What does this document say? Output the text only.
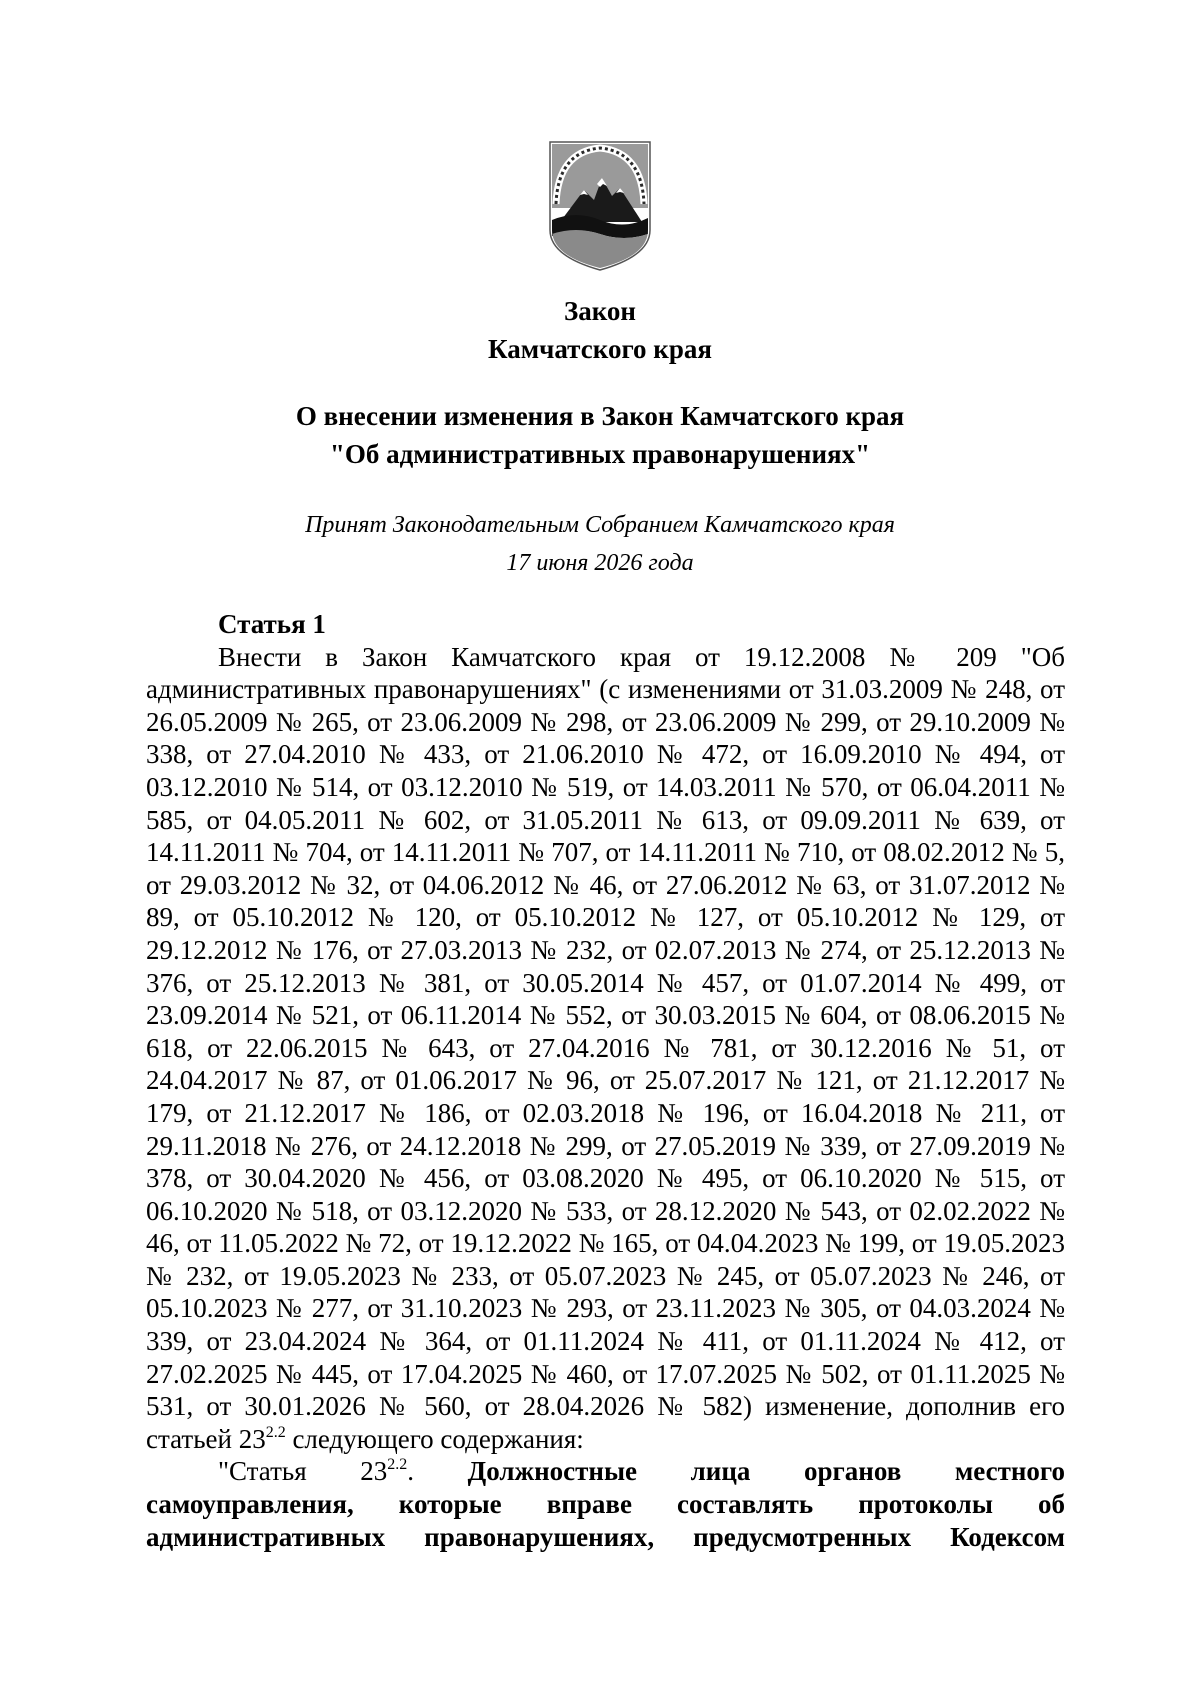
Закон
Камчатского края
О внесении изменения в Закон Камчатского края
"Об административных правонарушениях"
Принят Законодательным Собранием Камчатского края
17 июня 2026 года

Статья 1

Внести в Закон Камчатского края от 19.12.2008 № 209 "Об административных правонарушениях" (с изменениями от 31.03.2009 № 248, от 26.05.2009 № 265, от 23.06.2009 № 298, от 23.06.2009 № 299, от 29.10.2009 № 338, от 27.04.2010 № 433, от 21.06.2010 № 472, от 16.09.2010 № 494, от 03.12.2010 № 514, от 03.12.2010 № 519, от 14.03.2011 № 570, от 06.04.2011 № 585, от 04.05.2011 № 602, от 31.05.2011 № 613, от 09.09.2011 № 639, от 14.11.2011 № 704, от 14.11.2011 № 707, от 14.11.2011 № 710, от 08.02.2012 № 5, от 29.03.2012 № 32, от 04.06.2012 № 46, от 27.06.2012 № 63, от 31.07.2012 № 89, от 05.10.2012 № 120, от 05.10.2012 № 127, от 05.10.2012 № 129, от 29.12.2012 № 176, от 27.03.2013 № 232, от 02.07.2013 № 274, от 25.12.2013 № 376, от 25.12.2013 № 381, от 30.05.2014 № 457, от 01.07.2014 № 499, от 23.09.2014 № 521, от 06.11.2014 № 552, от 30.03.2015 № 604, от 08.06.2015 № 618, от 22.06.2015 № 643, от 27.04.2016 № 781, от 30.12.2016 № 51, от 24.04.2017 № 87, от 01.06.2017 № 96, от 25.07.2017 № 121, от 21.12.2017 № 179, от 21.12.2017 № 186, от 02.03.2018 № 196, от 16.04.2018 № 211, от 29.11.2018 № 276, от 24.12.2018 № 299, от 27.05.2019 № 339, от 27.09.2019 № 378, от 30.04.2020 № 456, от 03.08.2020 № 495, от 06.10.2020 № 515, от 06.10.2020 № 518, от 03.12.2020 № 533, от 28.12.2020 № 543, от 02.02.2022 № 46, от 11.05.2022 № 72, от 19.12.2022 № 165, от 04.04.2023 № 199, от 19.05.2023 № 232, от 19.05.2023 № 233, от 05.07.2023 № 245, от 05.07.2023 № 246, от 05.10.2023 № 277, от 31.10.2023 № 293, от 23.11.2023 № 305, от 04.03.2024 № 339, от 23.04.2024 № 364, от 01.11.2024 № 411, от 01.11.2024 № 412, от 27.02.2025 № 445, от 17.04.2025 № 460, от 17.07.2025 № 502, от 01.11.2025 № 531, от 30.01.2026 № 560, от 28.04.2026 № 582) изменение, дополнив его статьей $23^{2.2}$ следующего содержания:

"Статья $23^{2.2}$. Должностные лица органов местного

самоуправления, которые вправе составлять протоколы об

административных правонарушениях, предусмотренных Кодексом
